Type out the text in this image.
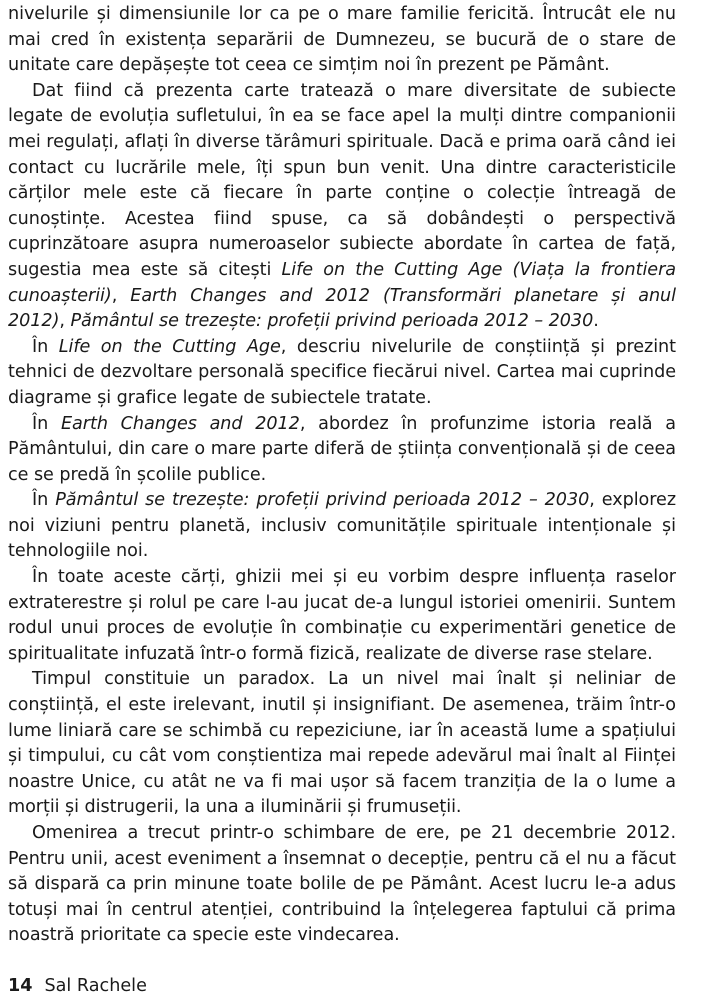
nivelurile și dimensiunile lor ca pe o mare familie fericită. Întrucât ele nu mai cred în existența separării de Dumnezeu, se bucură de o stare de unitate care depășește tot ceea ce simțim noi în prezent pe Pământ.

Dat fiind că prezenta carte tratează o mare diversitate de subiecte legate de evoluția sufletului, în ea se face apel la mulți dintre companionii mei regulați, aflați în diverse tărâmuri spirituale. Dacă e prima oară când iei contact cu lucrările mele, îți spun bun venit. Una dintre caracteristicile cărților mele este că fiecare în parte conține o colecție întreagă de cunoștințe. Acestea fiind spuse, ca să dobândești o perspectivă cuprinzătoare asupra numeroaselor subiecte abordate în cartea de față, sugestia mea este să citești Life on the Cutting Age (Viața la frontiera cunoașterii), Earth Changes and 2012 (Transformări planetare și anul 2012), Pământul se trezește: profeții privind perioada 2012 – 2030.

În Life on the Cutting Age, descriu nivelurile de conștiință și prezint tehnici de dezvoltare personală specifice fiecărui nivel. Cartea mai cuprinde diagrame și grafice legate de subiectele tratate.

În Earth Changes and 2012, abordez în profunzime istoria reală a Pământului, din care o mare parte diferă de știința convențională și de ceea ce se predă în școlile publice.

În Pământul se trezește: profeții privind perioada 2012 – 2030, explorez noi viziuni pentru planetă, inclusiv comunitățile spirituale intenționale și tehnologiile noi.

În toate aceste cărți, ghizii mei și eu vorbim despre influența raselor extraterestre și rolul pe care l-au jucat de-a lungul istoriei omenirii. Suntem rodul unui proces de evoluție în combinație cu experimentări genetice de spiritualitate infuzată într-o formă fizică, realizate de diverse rase stelare.

Timpul constituie un paradox. La un nivel mai înalt și neliniar de conștiință, el este irelevant, inutil și insignifiant. De asemenea, trăim într-o lume liniară care se schimbă cu repeziciune, iar în această lume a spațiului și timpului, cu cât vom conștientiza mai repede adevărul mai înalt al Ființei noastre Unice, cu atât ne va fi mai ușor să facem tranziția de la o lume a morții și distrugerii, la una a iluminării și frumuseții.

Omenirea a trecut printr-o schimbare de ere, pe 21 decembrie 2012. Pentru unii, acest eveniment a însemnat o decepție, pentru că el nu a făcut să dispară ca prin minune toate bolile de pe Pământ. Acest lucru le-a adus totuși mai în centrul atenției, contribuind la înțelegerea faptului că prima noastră prioritate ca specie este vindecarea.

14 Sal Rachele
